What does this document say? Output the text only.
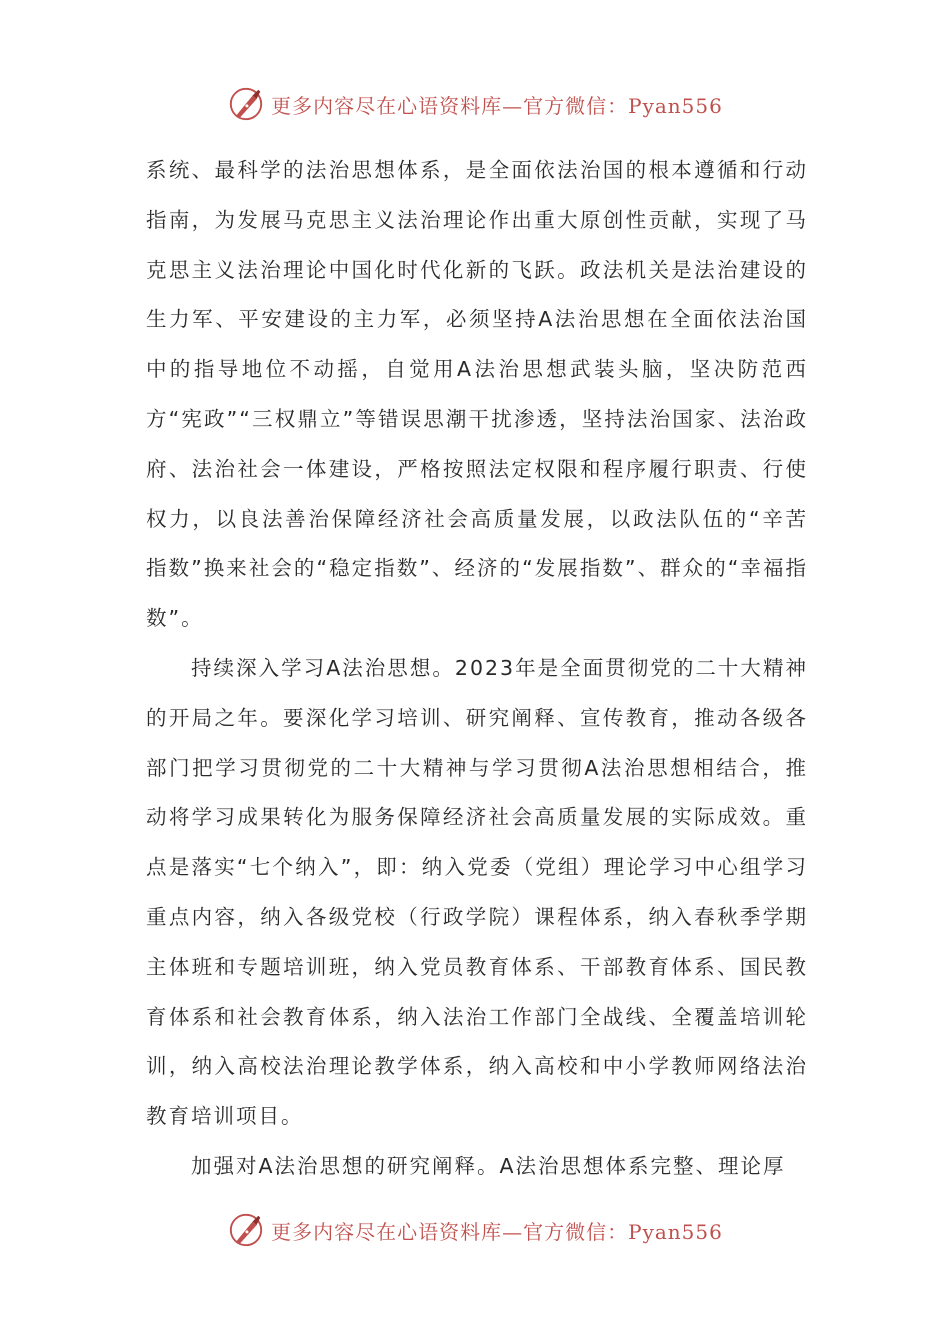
更多内容尽在心语资料库—官方微信：Pyan556

系统、最科学的法治思想体系，是全面依法治国的根本遵循和行动指南，为发展马克思主义法治理论作出重大原创性贡献，实现了马克思主义法治理论中国化时代化新的飞跃。政法机关是法治建设的生力军、平安建设的主力军，必须坚持A法治思想在全面依法治国中的指导地位不动摇，自觉用A法治思想武装头脑，坚决防范西方“宪政”“三权鼎立”等错误思潮干扰渗透，坚持法治国家、法治政府、法治社会一体建设，严格按照法定权限和程序履行职责、行使权力，以良法善治保障经济社会高质量发展，以政法队伍的“辛苦指数”换来社会的“稳定指数”、经济的“发展指数”、群众的“幸福指数”。

持续深入学习A法治思想。2023年是全面贯彻党的二十大精神的开局之年。要深化学习培训、研究阐释、宣传教育，推动各级各部门把学习贯彻党的二十大精神与学习贯彻A法治思想相结合，推动将学习成果转化为服务保障经济社会高质量发展的实际成效。重点是落实“七个纳入”，即：纳入党委（党组）理论学习中心组学习重点内容，纳入各级党校（行政学院）课程体系，纳入春秋季学期主体班和专题培训班，纳入党员教育体系、干部教育体系、国民教育体系和社会教育体系，纳入法治工作部门全战线、全覆盖培训轮训，纳入高校法治理论教学体系，纳入高校和中小学教师网络法治教育培训项目。

加强对A法治思想的研究阐释。A法治思想体系完整、理论厚

更多内容尽在心语资料库—官方微信：Pyan556
